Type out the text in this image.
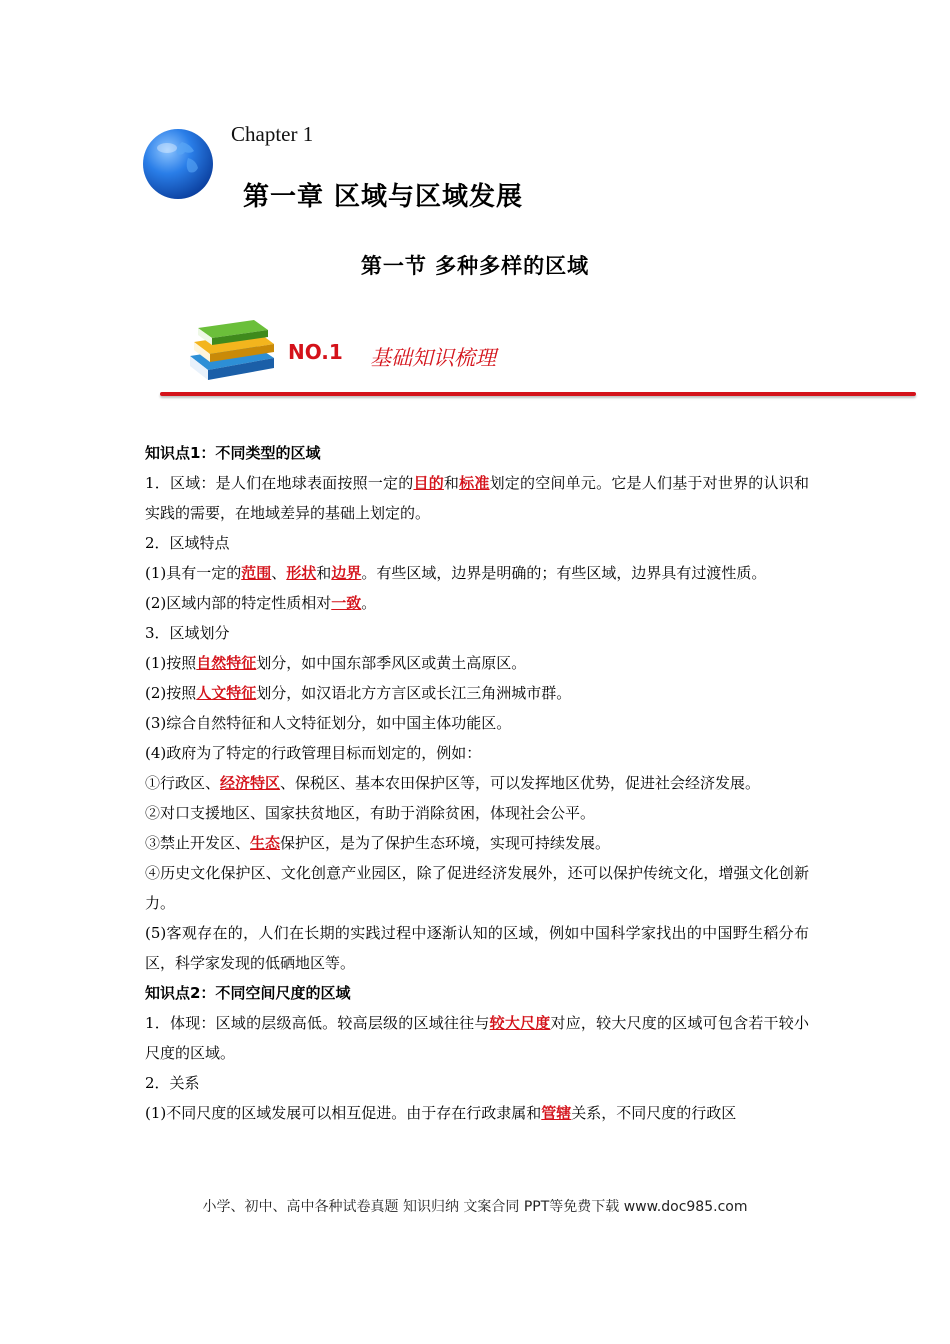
Chapter 1
第一章 区域与区域发展
第一节 多种多样的区域
NO.1 基础知识梳理

知识点1：不同类型的区域

1．区域：是人们在地球表面按照一定的目的和标准划定的空间单元。它是人们基于对世界的认识和实践的需要，在地域差异的基础上划定的。

2．区域特点

(1)具有一定的范围、形状和边界。有些区域，边界是明确的；有些区域，边界具有过渡性质。

(2)区域内部的特定性质相对一致。

3．区域划分

(1)按照自然特征划分，如中国东部季风区或黄土高原区。

(2)按照人文特征划分，如汉语北方方言区或长江三角洲城市群。

(3)综合自然特征和人文特征划分，如中国主体功能区。

(4)政府为了特定的行政管理目标而划定的，例如：

①行政区、经济特区、保税区、基本农田保护区等，可以发挥地区优势，促进社会经济发展。

②对口支援地区、国家扶贫地区，有助于消除贫困，体现社会公平。

③禁止开发区、生态保护区，是为了保护生态环境，实现可持续发展。

④历史文化保护区、文化创意产业园区，除了促进经济发展外，还可以保护传统文化，增强文化创新力。

(5)客观存在的，人们在长期的实践过程中逐渐认知的区域，例如中国科学家找出的中国野生稻分布区，科学家发现的低硒地区等。

知识点2：不同空间尺度的区域

1．体现：区域的层级高低。较高层级的区域往往与较大尺度对应，较大尺度的区域可包含若干较小尺度的区域。

2．关系

(1)不同尺度的区域发展可以相互促进。由于存在行政隶属和管辖关系，不同尺度的行政区

小学、初中、高中各种试卷真题 知识归纳 文案合同 PPT等免费下载 www.doc985.com
